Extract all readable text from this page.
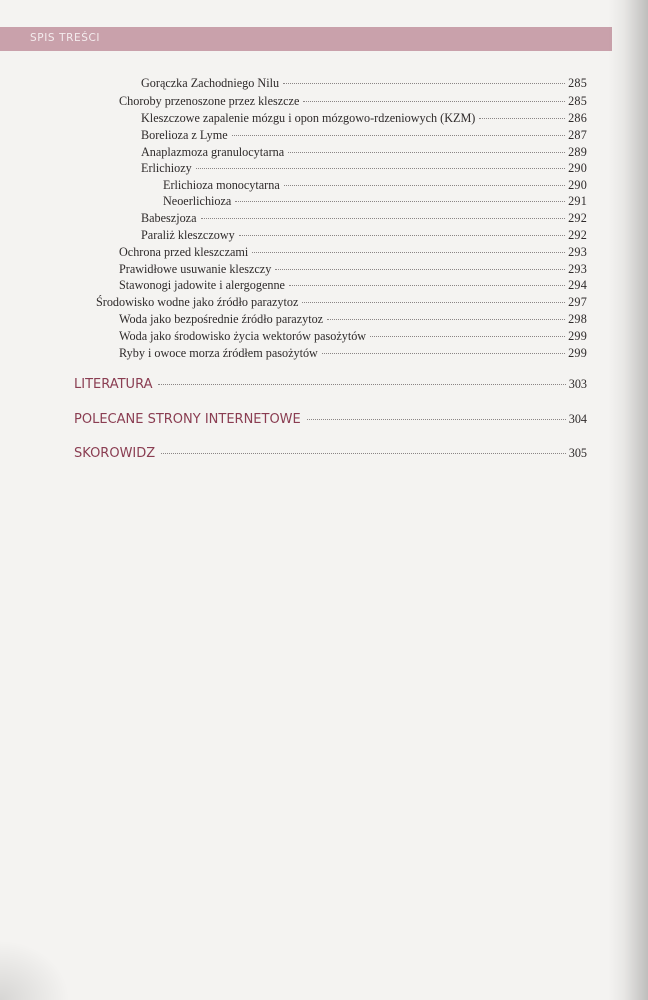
SPIS TREŚCI
Gorączka Zachodniego Nilu	285
Choroby przenoszone przez kleszcze	285
Kleszczowe zapalenie mózgu i opon mózgowo-rdzeniowych (KZM)	286
Borelioza z Lyme	287
Anaplazmoza granulocytarna	289
Erlichiozy	290
Erlichioza monocytarna	290
Neoerlichioza	291
Babeszjoza	292
Paraliż kleszczowy	292
Ochrona przed kleszczami	293
Prawidłowe usuwanie kleszczy	293
Stawonogi jadowite i alergogenne	294
Środowisko wodne jako źródło parazytoz	297
Woda jako bezpośrednie źródło parazytoz	298
Woda jako środowisko życia wektorów pasożytów	299
Ryby i owoce morza źródłem pasożytów	299
LITERATURA	303
POLECANE STRONY INTERNETOWE	304
SKOROWIDZ	305
